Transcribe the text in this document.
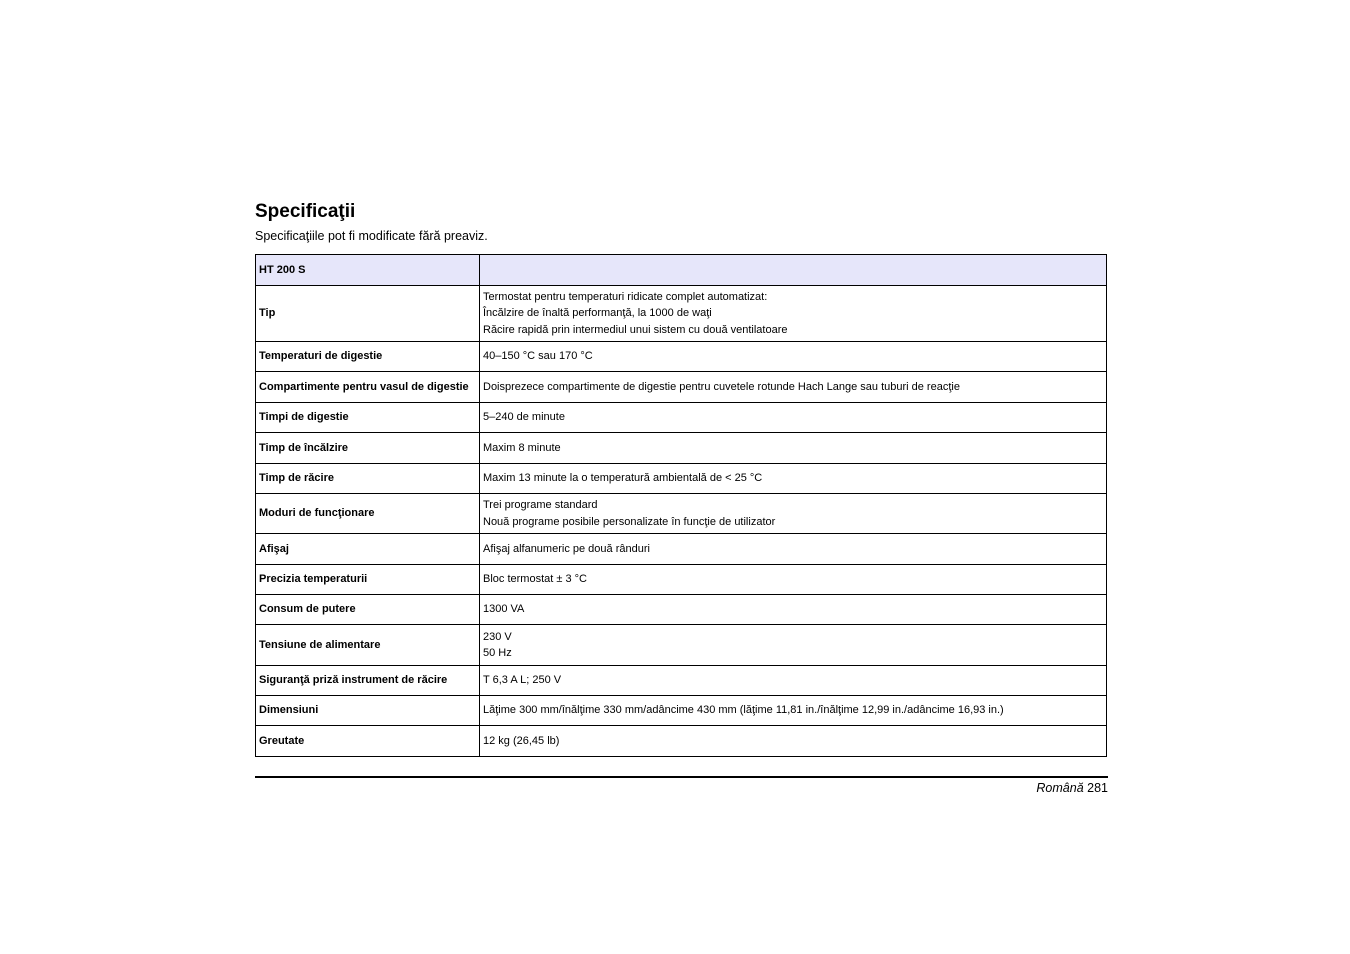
Specificaţii

Specificaţiile pot fi modificate fără preaviz.

HT 200 S	
Tip	Termostat pentru temperaturi ridicate complet automatizat:
Încălzire de înaltă performanţă, la 1000 de waţi
Răcire rapidă prin intermediul unui sistem cu două ventilatoare

Temperaturi de digestie	40–150 °C sau 170 °C

Compartimente pentru vasul de digestie	Doisprezece compartimente de digestie pentru cuvetele rotunde Hach Lange sau tuburi de reacţie

Timpi de digestie	5–240 de minute

Timp de încălzire	Maxim 8 minute

Timp de răcire	Maxim 13 minute la o temperatură ambientală de < 25 °C

Moduri de funcţionare	Trei programe standard
Nouă programe posibile personalizate în funcţie de utilizator

Afişaj	Afişaj alfanumeric pe două rânduri

Precizia temperaturii	Bloc termostat ± 3 °C

Consum de putere	1300 VA

Tensiune de alimentare	230 V
50 Hz

Siguranţă priză instrument de răcire	T 6,3 A L; 250 V

Dimensiuni	Lăţime 300 mm/înălţime 330 mm/adâncime 430 mm (lăţime 11,81 in./înălţime 12,99 in./adâncime 16,93 in.)

Greutate	12 kg (26,45 lb)
Română 281
